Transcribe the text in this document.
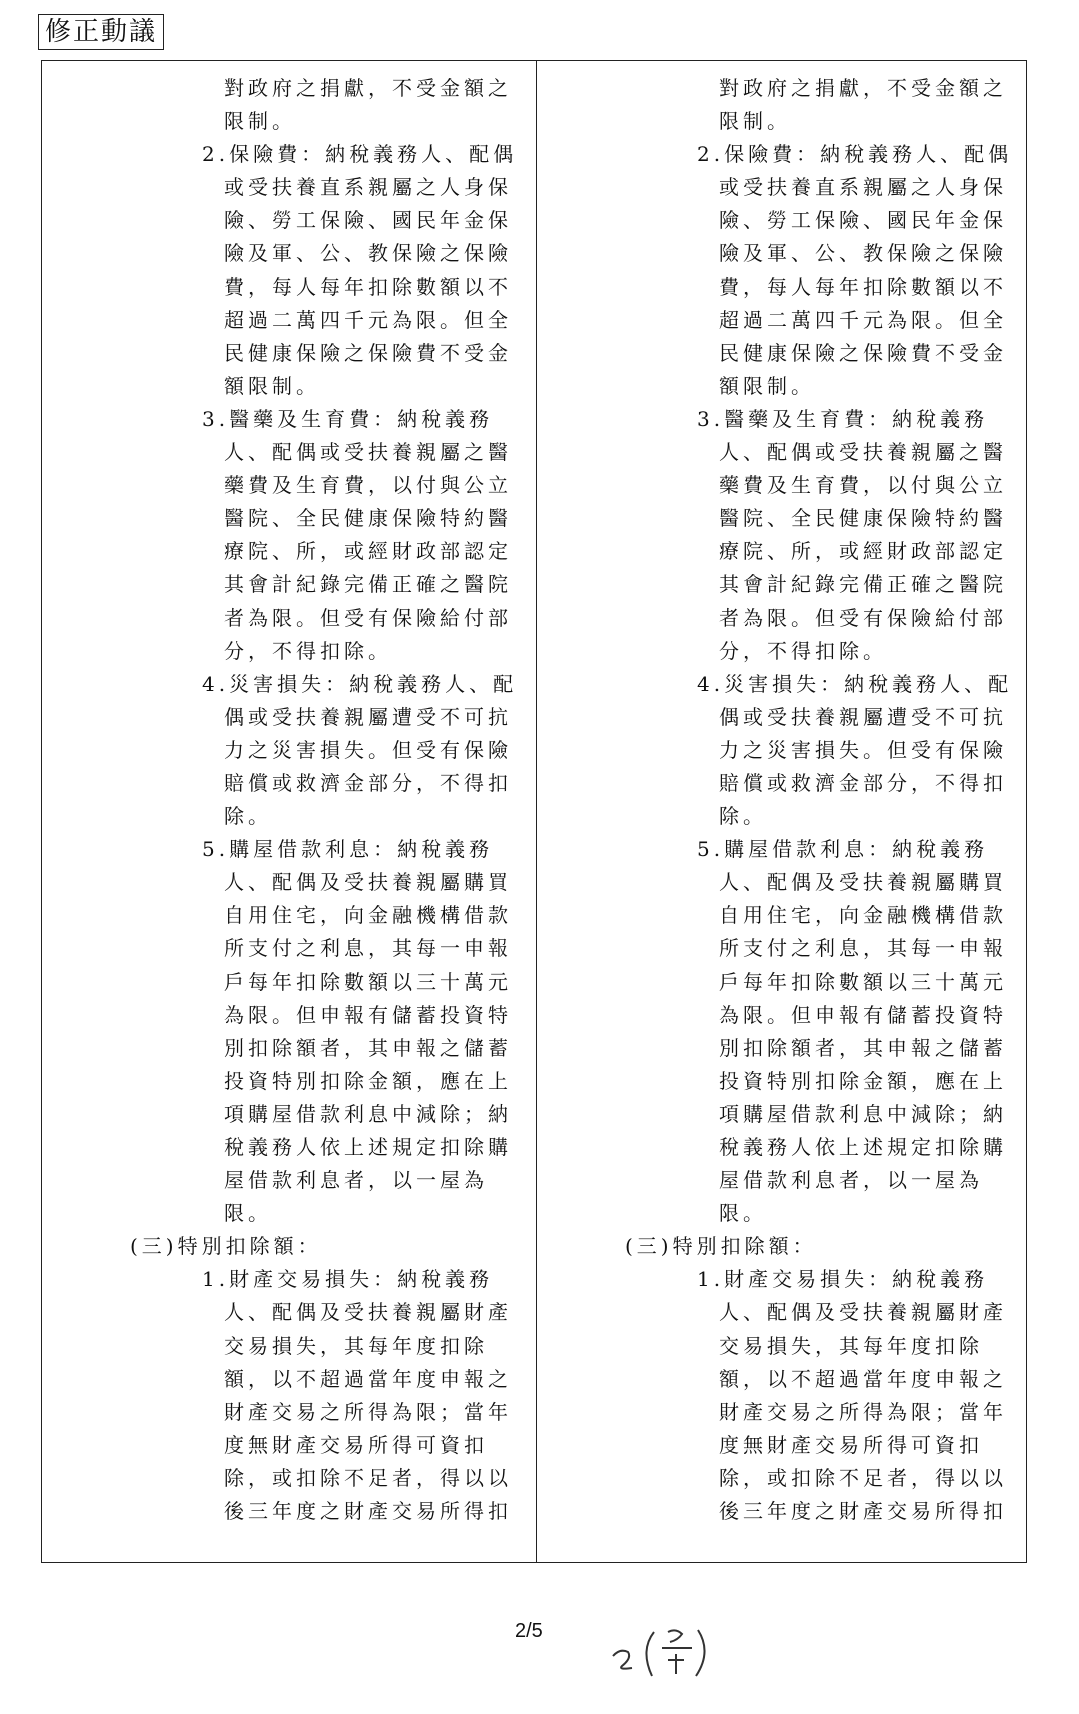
修正動議
對政府之捐獻，不受金額之
限制。
2.保險費：納稅義務人、配偶
或受扶養直系親屬之人身保
險、勞工保險、國民年金保
險及軍、公、教保險之保險
費，每人每年扣除數額以不
超過二萬四千元為限。但全
民健康保險之保險費不受金
額限制。
3.醫藥及生育費：納稅義務
人、配偶或受扶養親屬之醫
藥費及生育費，以付與公立
醫院、全民健康保險特約醫
療院、所，或經財政部認定
其會計紀錄完備正確之醫院
者為限。但受有保險給付部
分，不得扣除。
4.災害損失：納稅義務人、配
偶或受扶養親屬遭受不可抗
力之災害損失。但受有保險
賠償或救濟金部分，不得扣
除。
5.購屋借款利息：納稅義務
人、配偶及受扶養親屬購買
自用住宅，向金融機構借款
所支付之利息，其每一申報
戶每年扣除數額以三十萬元
為限。但申報有儲蓄投資特
別扣除額者，其申報之儲蓄
投資特別扣除金額，應在上
項購屋借款利息中減除；納
稅義務人依上述規定扣除購
屋借款利息者，以一屋為
限。
(三)特別扣除額：
1.財產交易損失：納稅義務
人、配偶及受扶養親屬財產
交易損失，其每年度扣除
額，以不超過當年度申報之
財產交易之所得為限；當年
度無財產交易所得可資扣
除，或扣除不足者，得以以
後三年度之財產交易所得扣
對政府之捐獻，不受金額之
限制。
2.保險費：納稅義務人、配偶
或受扶養直系親屬之人身保
險、勞工保險、國民年金保
險及軍、公、教保險之保險
費，每人每年扣除數額以不
超過二萬四千元為限。但全
民健康保險之保險費不受金
額限制。
3.醫藥及生育費：納稅義務
人、配偶或受扶養親屬之醫
藥費及生育費，以付與公立
醫院、全民健康保險特約醫
療院、所，或經財政部認定
其會計紀錄完備正確之醫院
者為限。但受有保險給付部
分，不得扣除。
4.災害損失：納稅義務人、配
偶或受扶養親屬遭受不可抗
力之災害損失。但受有保險
賠償或救濟金部分，不得扣
除。
5.購屋借款利息：納稅義務
人、配偶及受扶養親屬購買
自用住宅，向金融機構借款
所支付之利息，其每一申報
戶每年扣除數額以三十萬元
為限。但申報有儲蓄投資特
別扣除額者，其申報之儲蓄
投資特別扣除金額，應在上
項購屋借款利息中減除；納
稅義務人依上述規定扣除購
屋借款利息者，以一屋為
限。
(三)特別扣除額：
1.財產交易損失：納稅義務
人、配偶及受扶養親屬財產
交易損失，其每年度扣除
額，以不超過當年度申報之
財產交易之所得為限；當年
度無財產交易所得可資扣
除，或扣除不足者，得以以
後三年度之財產交易所得扣
2/5
